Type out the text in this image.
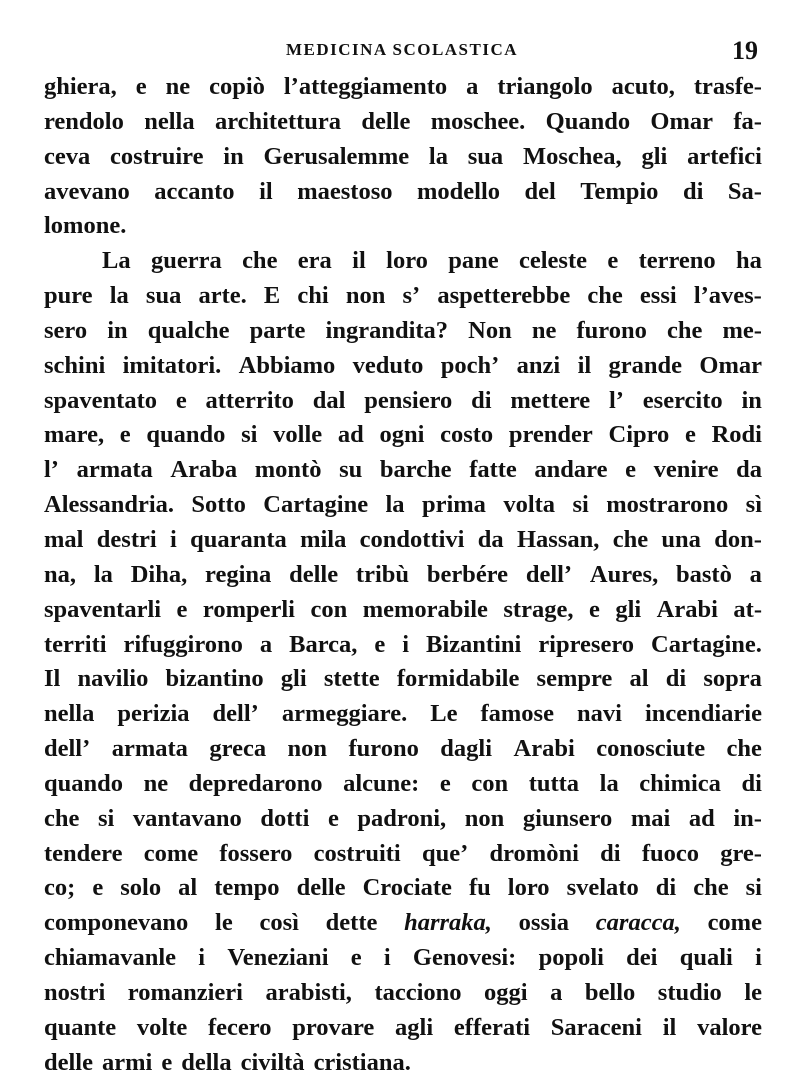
MEDICINA SCOLASTICA	19
ghiera, e ne copiò l’atteggiamento a triangolo acuto, trasfe-
rendolo nella architettura delle moschee. Quando Omar fa-
ceva costruire in Gerusalemme la sua Moschea, gli artefici
avevano accanto il maestoso modello del Tempio di Sa-
lomone.
La guerra che era il loro pane celeste e terreno ha
pure la sua arte. E chi non s’ aspetterebbe che essi l’aves-
sero in qualche parte ingrandita? Non ne furono che me-
schini imitatori. Abbiamo veduto poch’ anzi il grande Omar
spaventato e atterrito dal pensiero di mettere l’ esercito in
mare, e quando si volle ad ogni costo prender Cipro e Rodi
l’ armata Araba montò su barche fatte andare e venire da
Alessandria. Sotto Cartagine la prima volta si mostrarono sì
mal destri i quaranta mila condottivi da Hassan, che una don-
na, la Diha, regina delle tribù berbére dell’ Aures, bastò a
spaventarli e romperli con memorabile strage, e gli Arabi at-
territi rifuggirono a Barca, e i Bizantini ripresero Cartagine.
Il navilio bizantino gli stette formidabile sempre al di sopra
nella perizia dell’ armeggiare. Le famose navi incendiarie
dell’ armata greca non furono dagli Arabi conosciute che
quando ne depredarono alcune: e con tutta la chimica di
che si vantavano dotti e padroni, non giunsero mai ad in-
tendere come fossero costruiti que’ dromòni di fuoco gre-
co; e solo al tempo delle Crociate fu loro svelato di che si
componevano le così dette harraka, ossia caracca, come
chiamavanle i Veneziani e i Genovesi: popoli dei quali i
nostri romanzieri arabisti, tacciono oggi a bello studio le
quante volte fecero provare agli efferati Saraceni il valore
delle armi e della civiltà cristiana.
